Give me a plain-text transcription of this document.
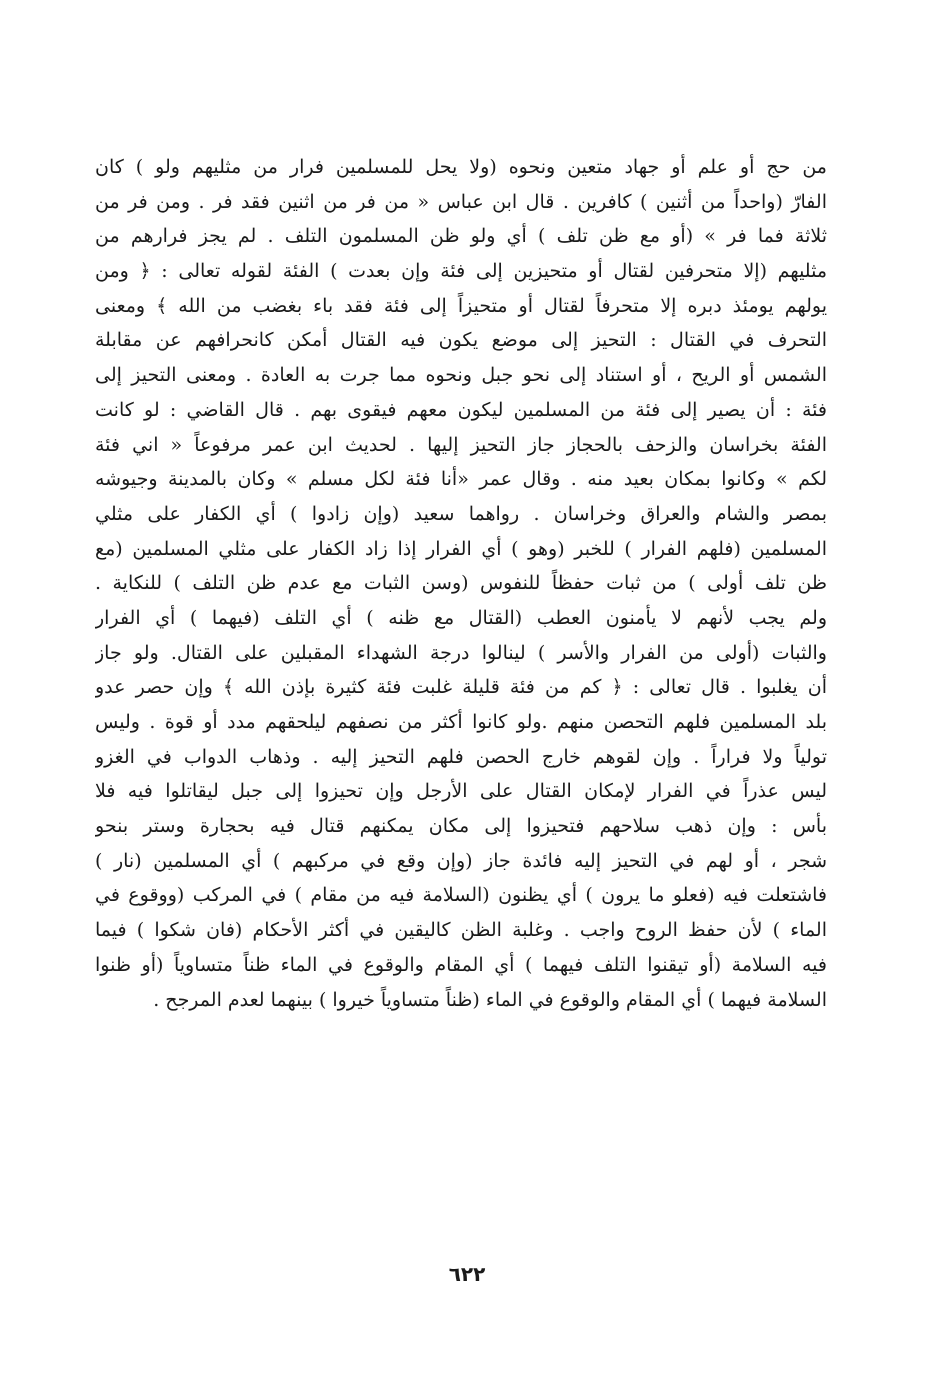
من حج أو علم أو جهاد متعين ونحوه (ولا يحل للمسلمين فرار من مثليهم ولو ) كان
الفارّ (واحداً من أثنين ) كافرين . قال ابن عباس « من فر من اثنين فقد فر . ومن فر من
ثلاثة فما فر » (أو مع ظن تلف ) أي ولو ظن المسلمون التلف . لم يجز فرارهم من
مثليهم (إلا متحرفين لقتال أو متحيزين إلى فئة وإن بعدت ) الفئة لقوله تعالى : ﴿ ومن
يولهم يومئذ دبره إلا متحرفاً لقتال أو متحيزاً إلى فئة فقد باء بغضب من الله ﴾ ومعنى
التحرف في القتال : التحيز إلى موضع يكون فيه القتال أمكن كانحرافهم عن مقابلة
الشمس أو الريح ، أو استناد إلى نحو جبل ونحوه مما جرت به العادة . ومعنى التحيز إلى
فئة : أن يصير إلى فئة من المسلمين ليكون معهم فيقوى بهم . قال القاضي : لو كانت
الفئة بخراسان والزحف بالحجاز جاز التحيز إليها . لحديث ابن عمر مرفوعاً « اني فئة
لكم » وكانوا بمكان بعيد منه . وقال عمر «أنا فئة لكل مسلم » وكان بالمدينة وجيوشه
بمصر والشام والعراق وخراسان . رواهما سعيد (وإن زادوا ) أي الكفار على مثلي
المسلمين (فلهم الفرار ) للخبر (وهو ) أي الفرار إذا زاد الكفار على مثلي المسلمين (مع
ظن تلف أولى ) من ثبات حفظاً للنفوس (وسن الثبات مع عدم ظن التلف ) للنكاية .
ولم يجب لأنهم لا يأمنون العطب (القتال مع ظنه ) أي التلف (فيهما ) أي الفرار
والثبات (أولى من الفرار والأسر ) لينالوا درجة الشهداء المقبلين على القتال. ولو جاز
أن يغلبوا . قال تعالى : ﴿ كم من فئة قليلة غلبت فئة كثيرة بإذن الله ﴾ وإن حصر عدو
بلد المسلمين فلهم التحصن منهم .ولو كانوا أكثر من نصفهم ليلحقهم مدد أو قوة . وليس
تولياً ولا فراراً . وإن لقوهم خارج الحصن فلهم التحيز إليه . وذهاب الدواب في الغزو
ليس عذراً في الفرار لإمكان القتال على الأرجل وإن تحيزوا إلى جبل ليقاتلوا فيه فلا
بأس : وإن ذهب سلاحهم فتحيزوا إلى مكان يمكنهم قتال فيه بحجارة وستر بنحو
شجر ، أو لهم في التحيز إليه فائدة جاز (وإن وقع في مركبهم ) أي المسلمين (نار )
فاشتعلت فيه (فعلو ما يرون ) أي يظنون (السلامة فيه من مقام ) في المركب (ووقوع في
الماء ) لأن حفظ الروح واجب . وغلبة الظن كاليقين في أكثر الأحكام (فان شكوا ) فيما
فيه السلامة (أو تيقنوا التلف فيهما ) أي المقام والوقوع في الماء ظناً متساوياً (أو ظنوا
السلامة فيهما ) أي المقام والوقوع في الماء (ظناً متساوياً خيروا ) بينهما لعدم المرجح .
٦٢٢
